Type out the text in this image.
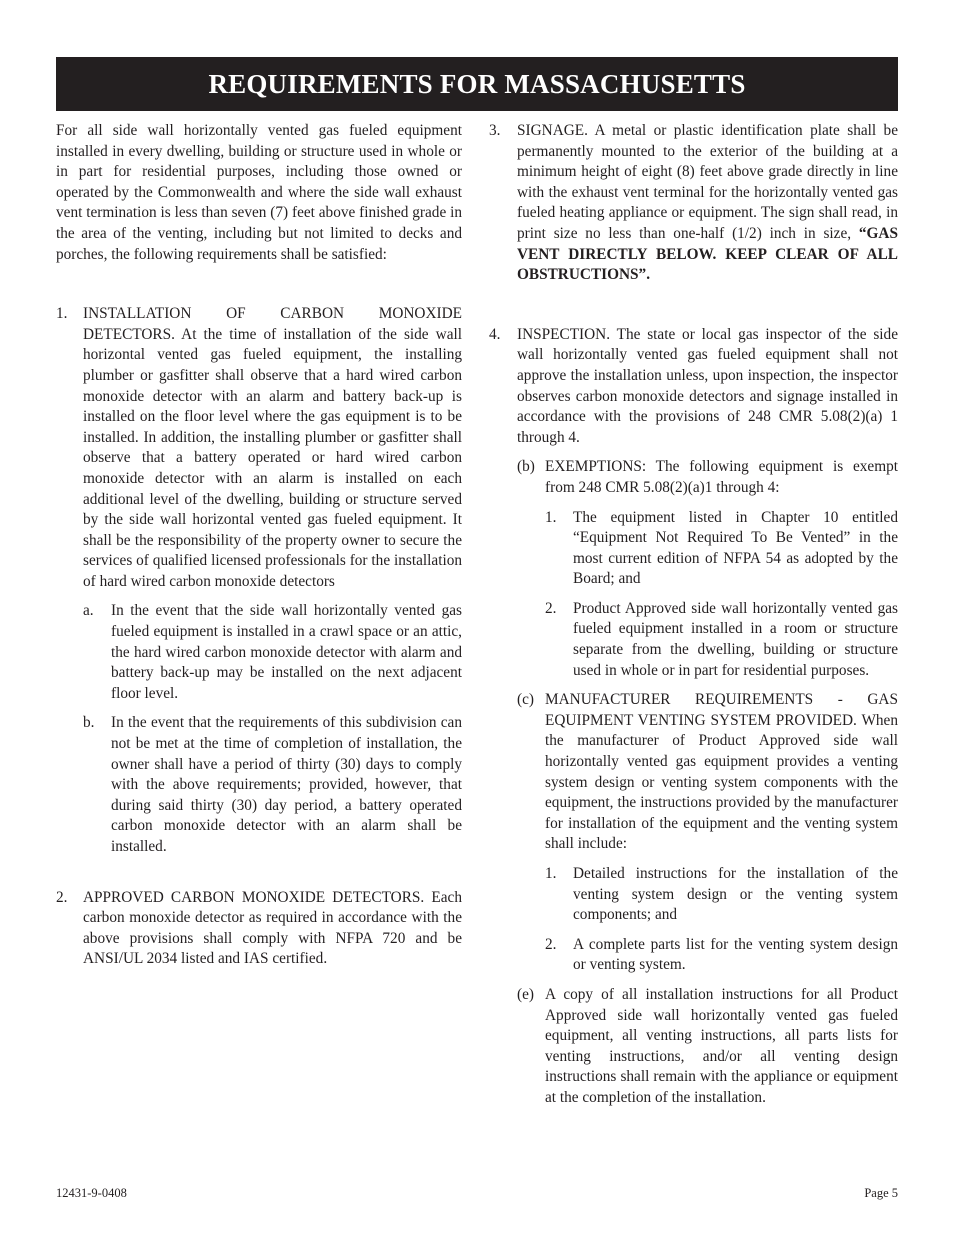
REQUIREMENTS FOR MASSACHUSETTS

For all side wall horizontally vented gas fueled equipment installed in every dwelling, building or structure used in whole or in part for residential purposes, including those owned or operated by the Commonwealth and where the side wall exhaust vent termination is less than seven (7) feet above finished grade in the area of the venting, including but not limited to decks and porches, the following requirements shall be satisfied:

1. INSTALLATION OF CARBON MONOXIDE DETECTORS. At the time of installation of the side wall horizontal vented gas fueled equipment, the installing plumber or gasfitter shall observe that a hard wired carbon monoxide detector with an alarm and battery back-up is installed on the floor level where the gas equipment is to be installed. In addition, the installing plumber or gasfitter shall observe that a battery operated or hard wired carbon monoxide detector with an alarm is installed on each additional level of the dwelling, building or structure served by the side wall horizontal vented gas fueled equipment. It shall be the responsibility of the property owner to secure the services of qualified licensed professionals for the installation of hard wired carbon monoxide detectors

a. In the event that the side wall horizontally vented gas fueled equipment is installed in a crawl space or an attic, the hard wired carbon monoxide detector with alarm and battery back-up may be installed on the next adjacent floor level.

b. In the event that the requirements of this subdivision can not be met at the time of completion of installation, the owner shall have a period of thirty (30) days to comply with the above requirements; provided, however, that during said thirty (30) day period, a battery operated carbon monoxide detector with an alarm shall be installed.

2. APPROVED CARBON MONOXIDE DETECTORS. Each carbon monoxide detector as required in accordance with the above provisions shall comply with NFPA 720 and be ANSI/UL 2034 listed and IAS certified.

3. SIGNAGE. A metal or plastic identification plate shall be permanently mounted to the exterior of the building at a minimum height of eight (8) feet above grade directly in line with the exhaust vent terminal for the horizontally vented gas fueled heating appliance or equipment. The sign shall read, in print size no less than one-half (1/2) inch in size, “GAS VENT DIRECTLY BELOW. KEEP CLEAR OF ALL OBSTRUCTIONS”.

4. INSPECTION. The state or local gas inspector of the side wall horizontally vented gas fueled equipment shall not approve the installation unless, upon inspection, the inspector observes carbon monoxide detectors and signage installed in accordance with the provisions of 248 CMR 5.08(2)(a) 1 through 4.

(b) EXEMPTIONS: The following equipment is exempt from 248 CMR 5.08(2)(a)1 through 4:

1. The equipment listed in Chapter 10 entitled “Equipment Not Required To Be Vented” in the most current edition of NFPA 54 as adopted by the Board; and

2. Product Approved side wall horizontally vented gas fueled equipment installed in a room or structure separate from the dwelling, building or structure used in whole or in part for residential purposes.

(c) MANUFACTURER REQUIREMENTS - GAS EQUIPMENT VENTING SYSTEM PROVIDED. When the manufacturer of Product Approved side wall horizontally vented gas equipment provides a venting system design or venting system components with the equipment, the instructions provided by the manufacturer for installation of the equipment and the venting system shall include:

1. Detailed instructions for the installation of the venting system design or the venting system components; and

2. A complete parts list for the venting system design or venting system.

(e) A copy of all installation instructions for all Product Approved side wall horizontally vented gas fueled equipment, all venting instructions, all parts lists for venting instructions, and/or all venting design instructions shall remain with the appliance or equipment at the completion of the installation.

12431-9-0408	Page 5
